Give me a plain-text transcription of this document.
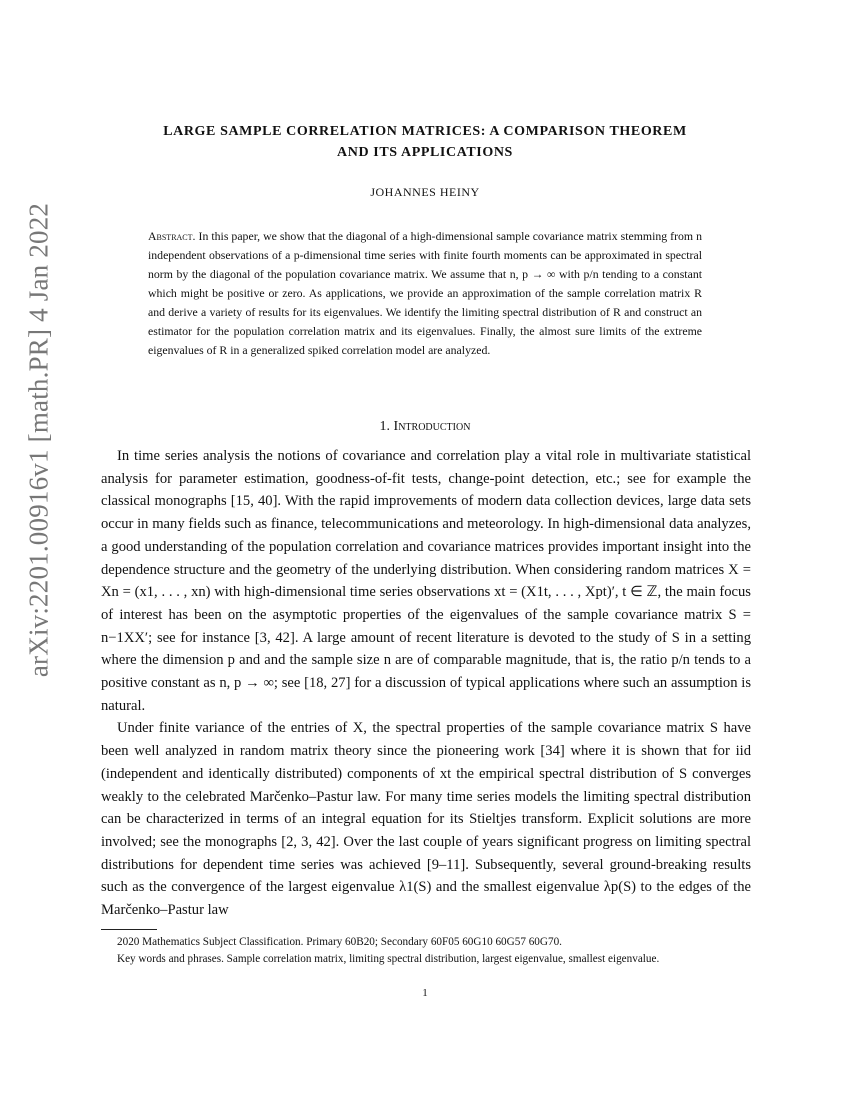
arXiv:2201.00916v1 [math.PR] 4 Jan 2022
LARGE SAMPLE CORRELATION MATRICES: A COMPARISON THEOREM
AND ITS APPLICATIONS
JOHANNES HEINY
Abstract. In this paper, we show that the diagonal of a high-dimensional sample covariance matrix stemming from n independent observations of a p-dimensional time series with finite fourth moments can be approximated in spectral norm by the diagonal of the population covariance matrix. We assume that n, p → ∞ with p/n tending to a constant which might be positive or zero. As applications, we provide an approximation of the sample correlation matrix R and derive a variety of results for its eigenvalues. We identify the limiting spectral distribution of R and construct an estimator for the population correlation matrix and its eigenvalues. Finally, the almost sure limits of the extreme eigenvalues of R in a generalized spiked correlation model are analyzed.
1. Introduction

In time series analysis the notions of covariance and correlation play a vital role in multivariate statistical analysis for parameter estimation, goodness-of-fit tests, change-point detection, etc.; see for example the classical monographs [15, 40]. With the rapid improvements of modern data collection devices, large data sets occur in many fields such as finance, telecommunications and meteorology. In high-dimensional data analyzes, a good understanding of the population correlation and covariance matrices provides important insight into the dependence structure and the geometry of the underlying distribution. When considering random matrices X = Xn = (x1, . . . , xn) with high-dimensional time series observations xt = (X1t, . . . , Xpt)′, t ∈ ℤ, the main focus of interest has been on the asymptotic properties of the eigenvalues of the sample covariance matrix S = n−1XX′; see for instance [3, 42]. A large amount of recent literature is devoted to the study of S in a setting where the dimension p and and the sample size n are of comparable magnitude, that is, the ratio p/n tends to a positive constant as n, p → ∞; see [18, 27] for a discussion of typical applications where such an assumption is natural.

Under finite variance of the entries of X, the spectral properties of the sample covariance matrix S have been well analyzed in random matrix theory since the pioneering work [34] where it is shown that for iid (independent and identically distributed) components of xt the empirical spectral distribution of S converges weakly to the celebrated Marčenko–Pastur law. For many time series models the limiting spectral distribution can be characterized in terms of an integral equation for its Stieltjes transform. Explicit solutions are more involved; see the monographs [2, 3, 42]. Over the last couple of years significant progress on limiting spectral distributions for dependent time series was achieved [9–11]. Subsequently, several ground-breaking results such as the convergence of the largest eigenvalue λ1(S) and the smallest eigenvalue λp(S) to the edges of the Marčenko–Pastur law

2020 Mathematics Subject Classification. Primary 60B20; Secondary 60F05 60G10 60G57 60G70.

Key words and phrases. Sample correlation matrix, limiting spectral distribution, largest eigenvalue, smallest eigenvalue.

1
